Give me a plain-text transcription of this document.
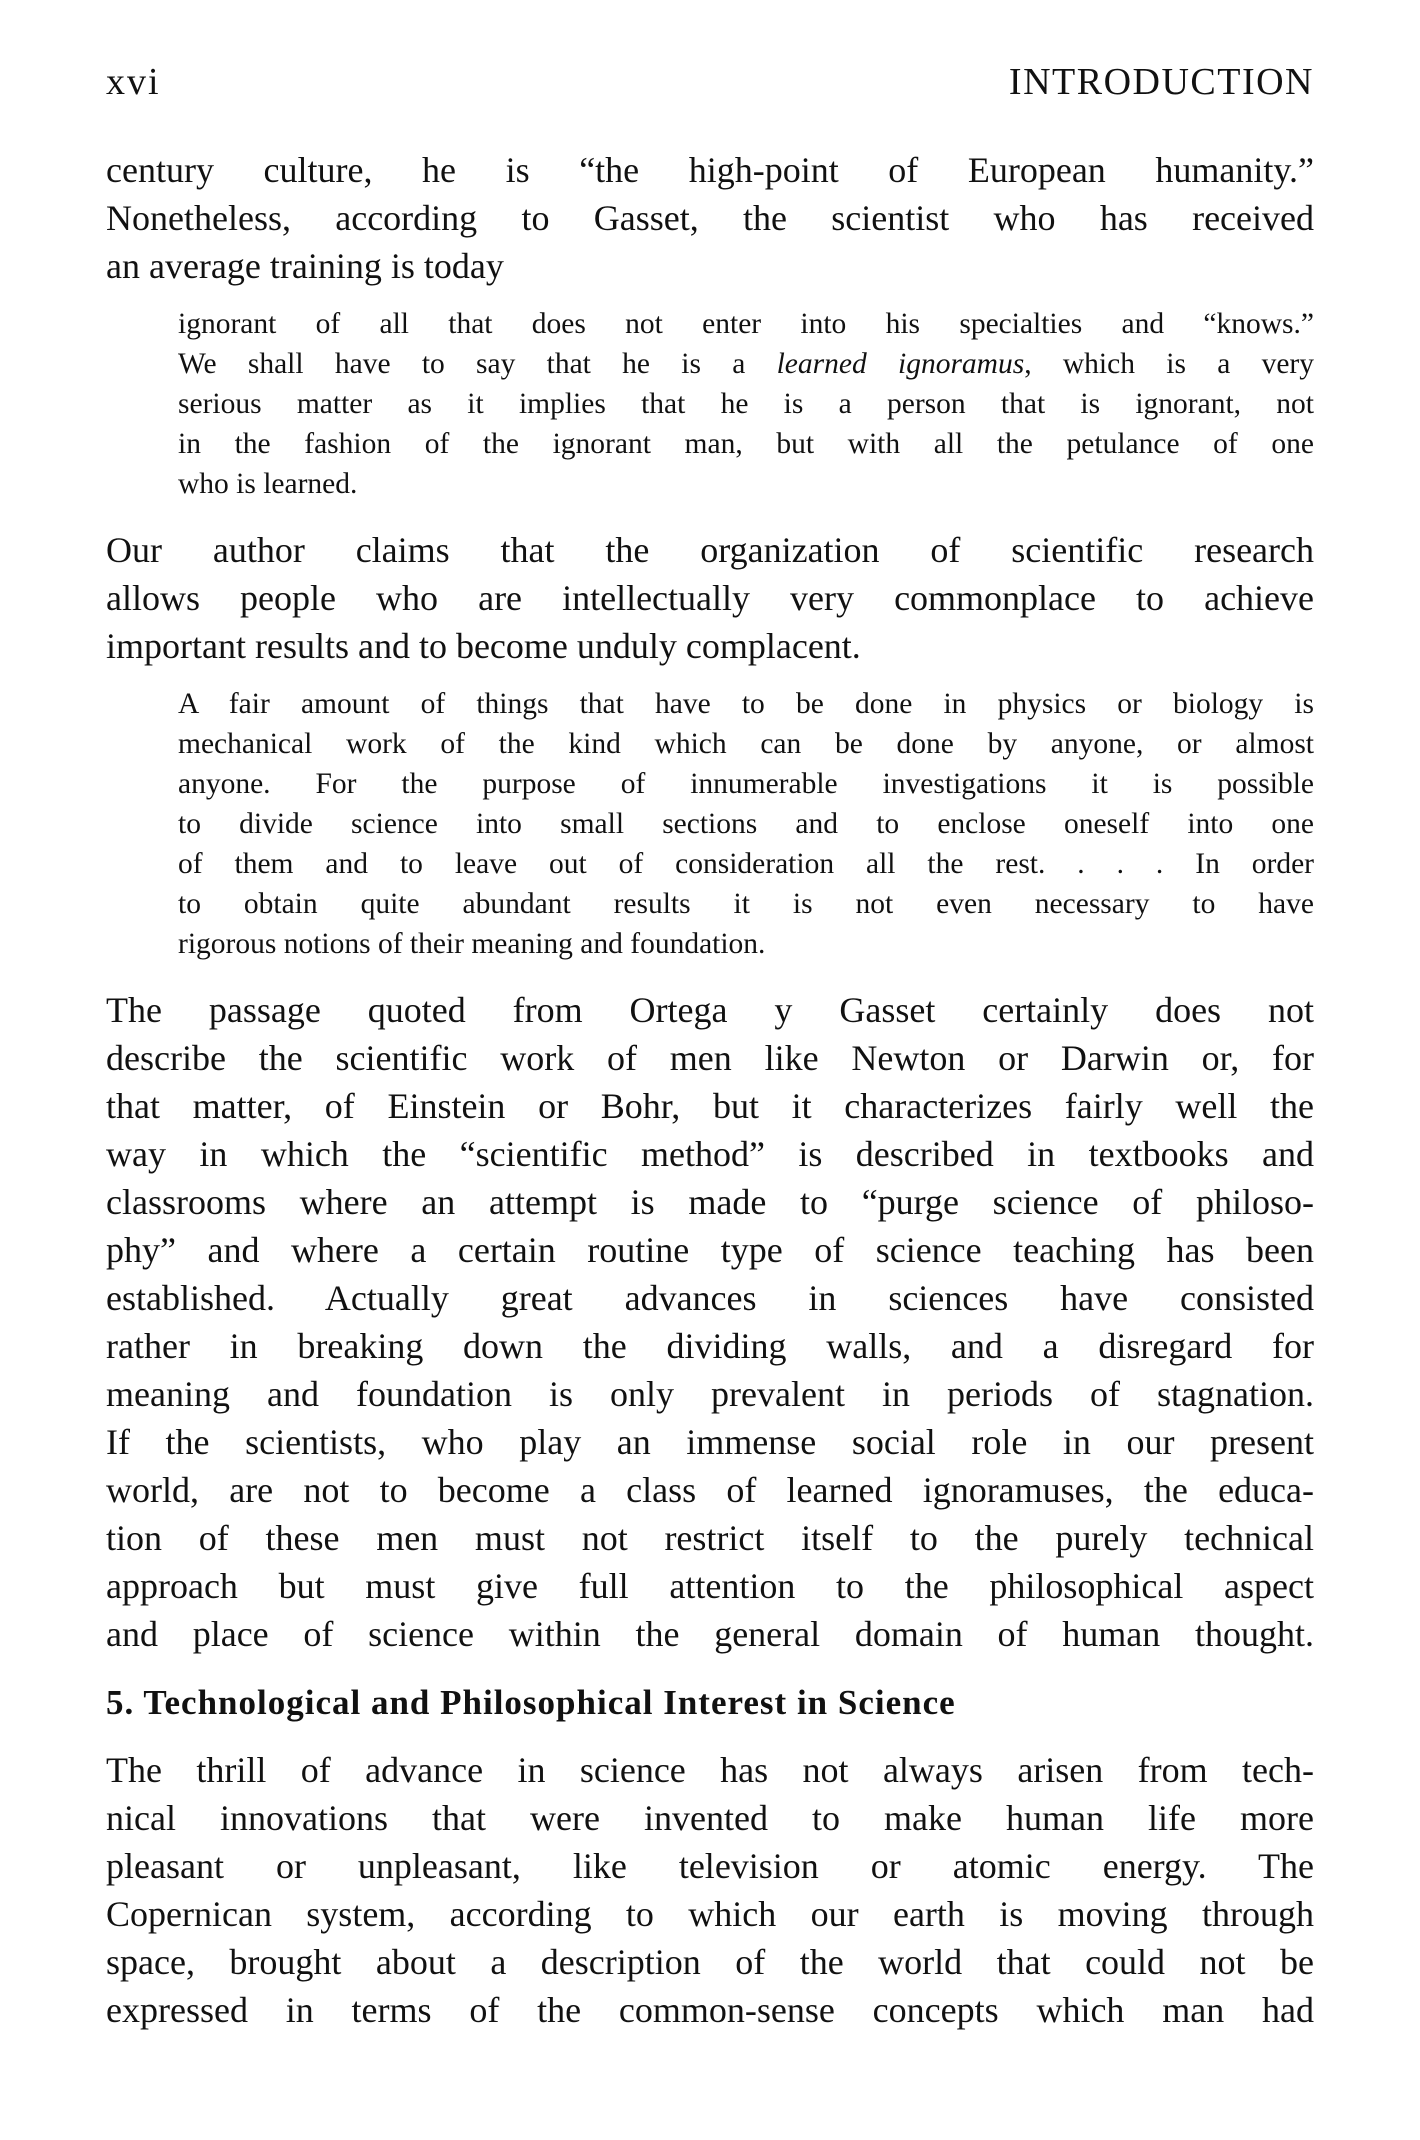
xvi	INTRODUCTION
century culture, he is “the high-point of European humanity.”
Nonetheless, according to Gasset, the scientist who has received
an average training is today
ignorant of all that does not enter into his specialties and “knows.”
We shall have to say that he is a learned ignoramus, which is a very
serious matter as it implies that he is a person that is ignorant, not
in the fashion of the ignorant man, but with all the petulance of one
who is learned.
Our author claims that the organization of scientific research
allows people who are intellectually very commonplace to achieve
important results and to become unduly complacent.
A fair amount of things that have to be done in physics or biology is
mechanical work of the kind which can be done by anyone, or almost
anyone. For the purpose of innumerable investigations it is possible
to divide science into small sections and to enclose oneself into one
of them and to leave out of consideration all the rest. . . . In order
to obtain quite abundant results it is not even necessary to have
rigorous notions of their meaning and foundation.
The passage quoted from Ortega y Gasset certainly does not
describe the scientific work of men like Newton or Darwin or, for
that matter, of Einstein or Bohr, but it characterizes fairly well the
way in which the “scientific method” is described in textbooks and
classrooms where an attempt is made to “purge science of philoso-
phy” and where a certain routine type of science teaching has been
established. Actually great advances in sciences have consisted
rather in breaking down the dividing walls, and a disregard for
meaning and foundation is only prevalent in periods of stagnation.
If the scientists, who play an immense social role in our present
world, are not to become a class of learned ignoramuses, the educa-
tion of these men must not restrict itself to the purely technical
approach but must give full attention to the philosophical aspect
and place of science within the general domain of human thought.
5. Technological and Philosophical Interest in Science
The thrill of advance in science has not always arisen from tech-
nical innovations that were invented to make human life more
pleasant or unpleasant, like television or atomic energy. The
Copernican system, according to which our earth is moving through
space, brought about a description of the world that could not be
expressed in terms of the common-sense concepts which man had
